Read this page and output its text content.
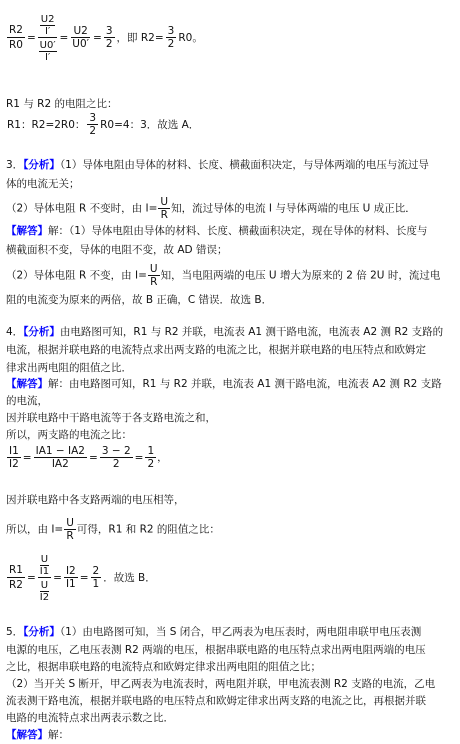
$\frac{R2}{R0} = \frac{\frac{U2}{I'}}{\frac{U0'}{I'}} = \frac{U2}{U0'} = \frac{3}{2}$ ，即 $R2= \frac{3}{2} R0$。
R1 与 R2 的电阻之比：
R1：R2=2R0： $\frac{3}{2} R0=4$：3．故选 A．
3．【分析】（1）导体电阻由导体的材料、长度、横截面积决定，与导体两端的电压与流过导
体的电流无关；
（2）导体电阻 R 不变时，由 $I= \frac{U}{R}$ 知，流过导体的电流 I 与导体两端的电压 U 成正比．
【解答】解：（1）导体电阻由导体的材料、长度、横截面积决定，现在导体的材料、长度与
横截面积不变，导体的电阻不变，故 AD 错误；
（2）导体电阻 R 不变，由 $I= \frac{U}{R}$ 知，当电阻两端的电压 U 增大为原来的 2 倍 2U 时，流过电
阻的电流变为原来的两倍，故 B 正确，C 错误．故选 B．
4．【分析】由电路图可知，R1 与 R2 并联，电流表 A1 测干路电流，电流表 A2 测 R2 支路的
电流，根据并联电路的电流特点求出两支路的电流之比，根据并联电路的电压特点和欧姆定
律求出两电阻的阻值之比．
【解答】解：由电路图可知，R1 与 R2 并联，电流表 A1 测干路电流，电流表 A2 测 R2 支路
的电流，
因并联电路中干路电流等于各支路电流之和，
所以，两支路的电流之比：
$\frac{I1}{I2} = \frac{IA1 - IA2}{IA2} = \frac{3 - 2}{2} = \frac{1}{2}$ ，
因并联电路中各支路两端的电压相等，
所以，由 $I= \frac{U}{R}$ 可得，R1 和 R2 的阻值之比：
$\frac{R1}{R2} = \frac{\frac{U}{I1}}{\frac{U}{I2}} = \frac{I2}{I1} = \frac{2}{1}$ ．故选 B．
5．【分析】（1）由电路图可知，当 S 闭合，甲乙两表为电压表时，两电阻串联甲电压表测
电源的电压，乙电压表测 R2 两端的电压，根据串联电路的电压特点求出两电阻两端的电压
之比，根据串联电路的电流特点和欧姆定律求出两电阻的阻值之比；
（2）当开关 S 断开，甲乙两表为电流表时，两电阻并联，甲电流表测 R2 支路的电流，乙电
流表测干路电流，根据并联电路的电压特点和欧姆定律求出两支路的电流之比，再根据并联
电路的电流特点求出两表示数之比．
【解答】解：
